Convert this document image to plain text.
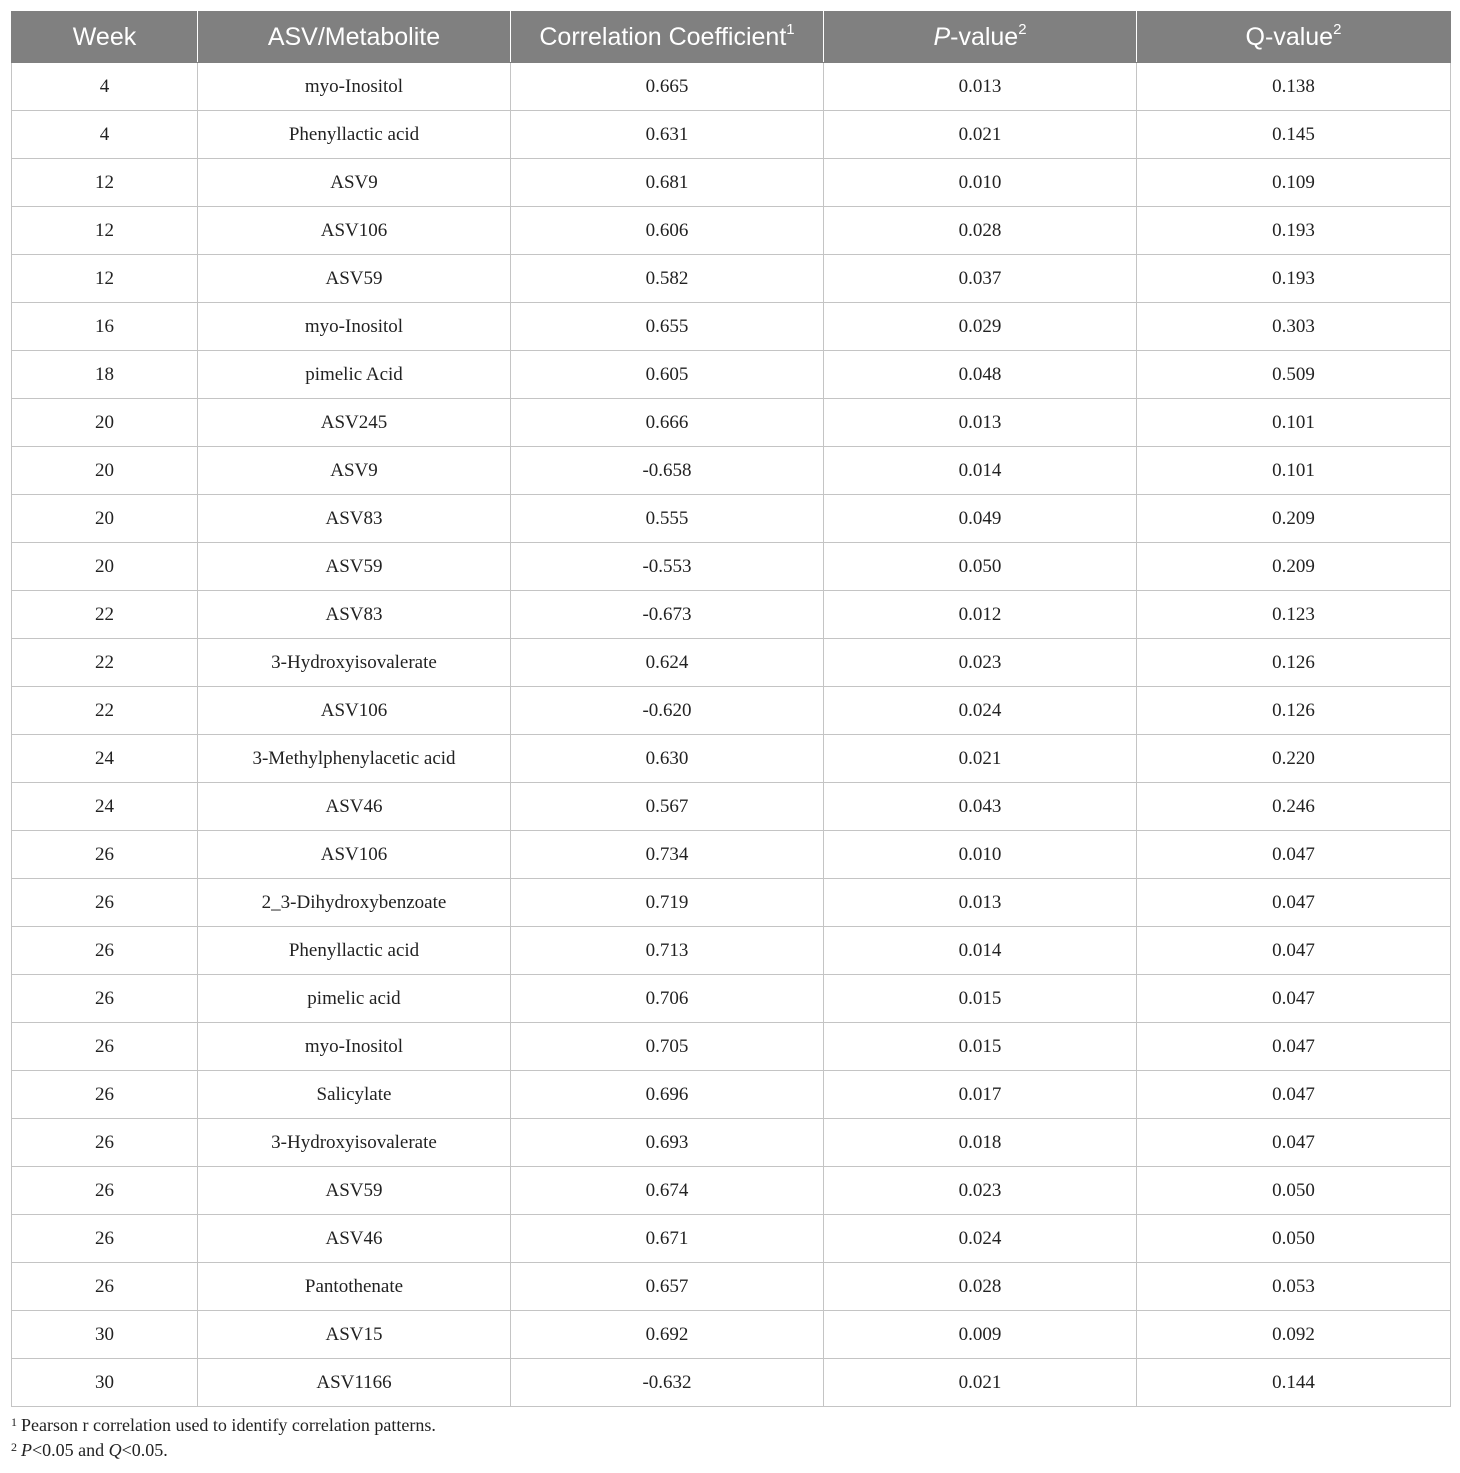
Week	ASV/Metabolite	Correlation Coefficient$^1$	P-value$^2$	Q-value$^2$
4	myo-Inositol	0.665	0.013	0.138
4	Phenyllactic acid	0.631	0.021	0.145
12	ASV9	0.681	0.010	0.109
12	ASV106	0.606	0.028	0.193
12	ASV59	0.582	0.037	0.193
16	myo-Inositol	0.655	0.029	0.303
18	pimelic Acid	0.605	0.048	0.509
20	ASV245	0.666	0.013	0.101
20	ASV9	-0.658	0.014	0.101
20	ASV83	0.555	0.049	0.209
20	ASV59	-0.553	0.050	0.209
22	ASV83	-0.673	0.012	0.123
22	3-Hydroxyisovalerate	0.624	0.023	0.126
22	ASV106	-0.620	0.024	0.126
24	3-Methylphenylacetic acid	0.630	0.021	0.220
24	ASV46	0.567	0.043	0.246
26	ASV106	0.734	0.010	0.047
26	2_3-Dihydroxybenzoate	0.719	0.013	0.047
26	Phenyllactic acid	0.713	0.014	0.047
26	pimelic acid	0.706	0.015	0.047
26	myo-Inositol	0.705	0.015	0.047
26	Salicylate	0.696	0.017	0.047
26	3-Hydroxyisovalerate	0.693	0.018	0.047
26	ASV59	0.674	0.023	0.050
26	ASV46	0.671	0.024	0.050
26	Pantothenate	0.657	0.028	0.053
30	ASV15	0.692	0.009	0.092
30	ASV1166	-0.632	0.021	0.144
$^1$ Pearson r correlation used to identify correlation patterns.
$^2$ P<0.05 and Q<0.05.
